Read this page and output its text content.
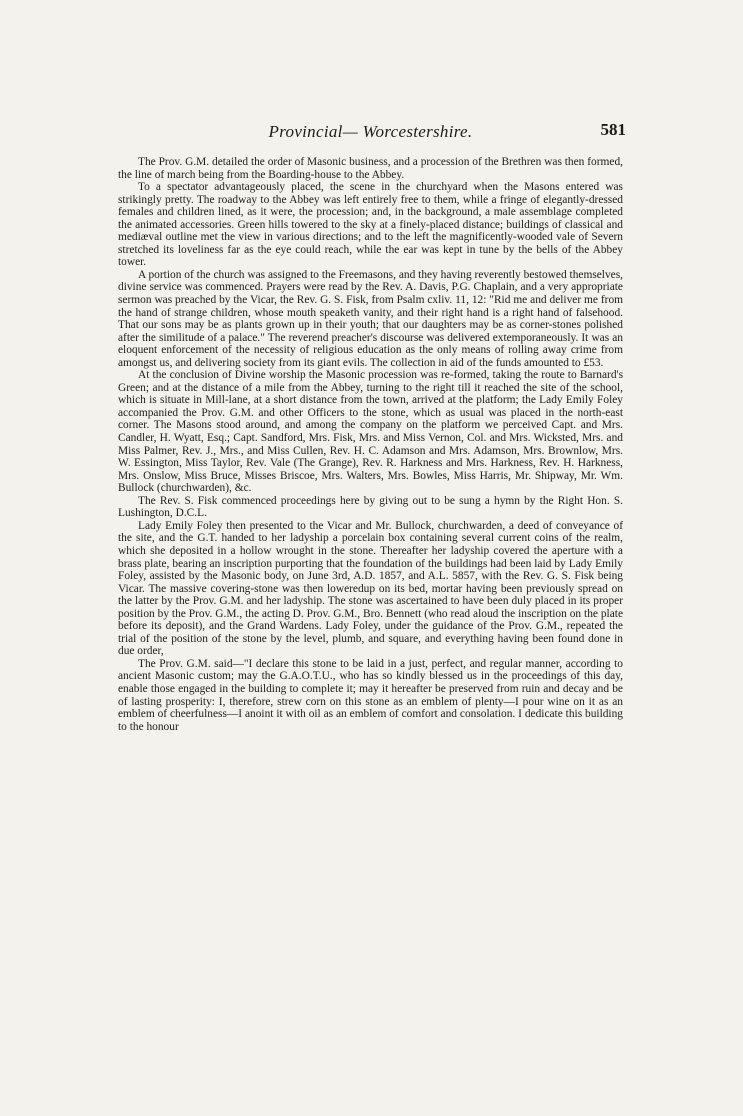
Provincial— Worcestershire.	581

The Prov. G.M. detailed the order of Masonic business, and a procession of the Brethren was then formed, the line of march being from the Boarding-house to the Abbey.

To a spectator advantageously placed, the scene in the churchyard when the Masons entered was strikingly pretty. The roadway to the Abbey was left entirely free to them, while a fringe of elegantly-dressed females and children lined, as it were, the procession; and, in the background, a male assemblage completed the animated accessories. Green hills towered to the sky at a finely-placed distance; buildings of classical and mediæval outline met the view in various directions; and to the left the magnificently-wooded vale of Severn stretched its loveliness far as the eye could reach, while the ear was kept in tune by the bells of the Abbey tower.

A portion of the church was assigned to the Freemasons, and they having reverently bestowed themselves, divine service was commenced. Prayers were read by the Rev. A. Davis, P.G. Chaplain, and a very appropriate sermon was preached by the Vicar, the Rev. G. S. Fisk, from Psalm cxliv. 11, 12: "Rid me and deliver me from the hand of strange children, whose mouth speaketh vanity, and their right hand is a right hand of falsehood. That our sons may be as plants grown up in their youth; that our daughters may be as corner-stones polished after the similitude of a palace." The reverend preacher's discourse was delivered extemporaneously. It was an eloquent enforcement of the necessity of religious education as the only means of rolling away crime from amongst us, and delivering society from its giant evils. The collection in aid of the funds amounted to £53.

At the conclusion of Divine worship the Masonic procession was re-formed, taking the route to Barnard's Green; and at the distance of a mile from the Abbey, turning to the right till it reached the site of the school, which is situate in Mill-lane, at a short distance from the town, arrived at the platform; the Lady Emily Foley accompanied the Prov. G.M. and other Officers to the stone, which as usual was placed in the north-east corner. The Masons stood around, and among the company on the platform we perceived Capt. and Mrs. Candler, H. Wyatt, Esq.; Capt. Sandford, Mrs. Fisk, Mrs. and Miss Vernon, Col. and Mrs. Wicksted, Mrs. and Miss Palmer, Rev. J., Mrs., and Miss Cullen, Rev. H. C. Adamson and Mrs. Adamson, Mrs. Brownlow, Mrs. W. Essington, Miss Taylor, Rev. Vale (The Grange), Rev. R. Harkness and Mrs. Harkness, Rev. H. Harkness, Mrs. Onslow, Miss Bruce, Misses Briscoe, Mrs. Walters, Mrs. Bowles, Miss Harris, Mr. Shipway, Mr. Wm. Bullock (churchwarden), &c.

The Rev. S. Fisk commenced proceedings here by giving out to be sung a hymn by the Right Hon. S. Lushington, D.C.L.

Lady Emily Foley then presented to the Vicar and Mr. Bullock, churchwarden, a deed of conveyance of the site, and the G.T. handed to her ladyship a porcelain box containing several current coins of the realm, which she deposited in a hollow wrought in the stone. Thereafter her ladyship covered the aperture with a brass plate, bearing an inscription purporting that the foundation of the buildings had been laid by Lady Emily Foley, assisted by the Masonic body, on June 3rd, A.D. 1857, and A.L. 5857, with the Rev. G. S. Fisk being Vicar. The massive covering-stone was then loweredup on its bed, mortar having been previously spread on the latter by the Prov. G.M. and her ladyship. The stone was ascertained to have been duly placed in its proper position by the Prov. G.M., the acting D. Prov. G.M., Bro. Bennett (who read aloud the inscription on the plate before its deposit), and the Grand Wardens. Lady Foley, under the guidance of the Prov. G.M., repeated the trial of the position of the stone by the level, plumb, and square, and everything having been found done in due order,

The Prov. G.M. said—"I declare this stone to be laid in a just, perfect, and regular manner, according to ancient Masonic custom; may the G.A.O.T.U., who has so kindly blessed us in the proceedings of this day, enable those engaged in the building to complete it; may it hereafter be preserved from ruin and decay and be of lasting prosperity: I, therefore, strew corn on this stone as an emblem of plenty—I pour wine on it as an emblem of cheerfulness—I anoint it with oil as an emblem of comfort and consolation. I dedicate this building to the honour
